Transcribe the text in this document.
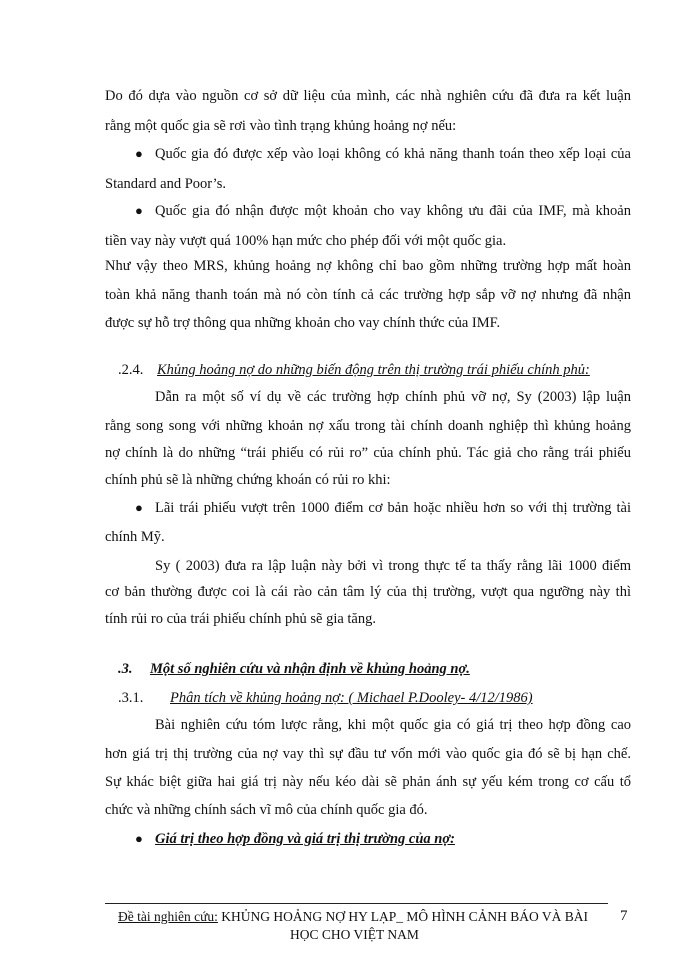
Do đó dựa vào nguồn cơ sở dữ liệu của mình, các nhà nghiên cứu đã đưa ra kết luận
rằng một quốc gia sẽ rơi vào tình trạng khủng hoảng nợ nếu:
● Quốc gia đó được xếp vào loại không có khả năng thanh toán theo xếp loại của
Standard and Poor’s.
● Quốc gia đó nhận được một khoản cho vay không ưu đãi của IMF, mà khoản
tiền vay này vượt quá 100% hạn mức cho phép đối với một quốc gia.
Như vậy theo MRS, khủng hoảng nợ không chỉ bao gồm những trường hợp mất hoàn
toàn khả năng thanh toán mà nó còn tính cả các trường hợp sắp vỡ nợ nhưng đã nhận
được sự hỗ trợ thông qua những khoản cho vay chính thức của IMF.
.2.4. Khủng hoảng nợ do những biến động trên thị trường trái phiếu chính phủ:
Dẫn ra một số ví dụ về các trường hợp chính phủ vỡ nợ, Sy (2003) lập luận
rằng song song với những khoản nợ xấu trong tài chính doanh nghiệp thì khủng hoảng
nợ chính là do những “trái phiếu có rủi ro” của chính phủ. Tác giả cho rằng trái phiếu
chính phủ sẽ là những chứng khoán có rủi ro khi:
● Lãi trái phiếu vượt trên 1000 điểm cơ bản hoặc nhiều hơn so với thị trường tài
chính Mỹ.
Sy ( 2003) đưa ra lập luận này bởi vì trong thực tế ta thấy rằng lãi 1000 điểm
cơ bản thường được coi là cái rào cản tâm lý của thị trường, vượt qua ngưỡng này thì
tính rủi ro của trái phiếu chính phủ sẽ gia tăng.
.3. Một số nghiên cứu và nhận định về khủng hoảng nợ.
.3.1. Phân tích về khủng hoảng nợ: ( Michael P.Dooley- 4/12/1986)
Bài nghiên cứu tóm lược rằng, khi một quốc gia có giá trị theo hợp đồng cao
hơn giá trị thị trường của nợ vay thì sự đầu tư vốn mới vào quốc gia đó sẽ bị hạn chế.
Sự khác biệt giữa hai giá trị này nếu kéo dài sẽ phản ánh sự yếu kém trong cơ cấu tổ
chức và những chính sách vĩ mô của chính quốc gia đó.
● Giá trị theo hợp đồng và giá trị thị trường của nợ:
Đề tài nghiên cứu: KHỦNG HOẢNG NỢ HY LẠP_ MÔ HÌNH CẢNH BÁO VÀ BÀI
HỌC CHO VIỆT NAM
7
